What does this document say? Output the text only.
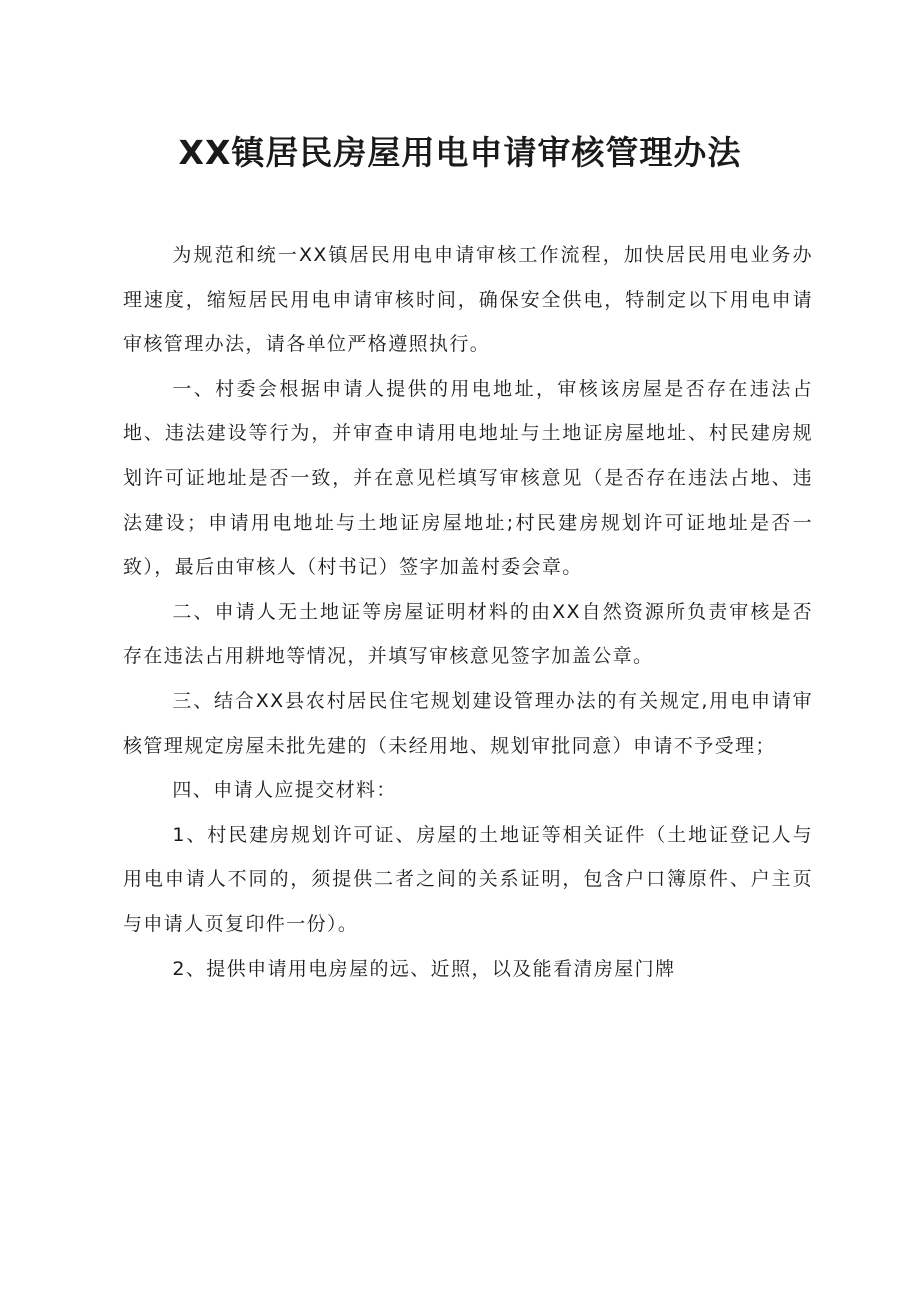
XX镇居民房屋用电申请审核管理办法

为规范和统一XX镇居民用电申请审核工作流程，加快居民用电业务办理速度，缩短居民用电申请审核时间，确保安全供电，特制定以下用电申请审核管理办法，请各单位严格遵照执行。

一、村委会根据申请人提供的用电地址，审核该房屋是否存在违法占地、违法建设等行为，并审查申请用电地址与土地证房屋地址、村民建房规划许可证地址是否一致，并在意见栏填写审核意见（是否存在违法占地、违法建设；申请用电地址与土地证房屋地址;村民建房规划许可证地址是否一致），最后由审核人（村书记）签字加盖村委会章。

二、申请人无土地证等房屋证明材料的由XX自然资源所负责审核是否存在违法占用耕地等情况，并填写审核意见签字加盖公章。

三、结合XX县农村居民住宅规划建设管理办法的有关规定,用电申请审核管理规定房屋未批先建的（未经用地、规划审批同意）申请不予受理；

四、申请人应提交材料：

1、村民建房规划许可证、房屋的土地证等相关证件（土地证登记人与用电申请人不同的，须提供二者之间的关系证明，包含户口簿原件、户主页与申请人页复印件一份）。

2、提供申请用电房屋的远、近照，以及能看清房屋门牌
